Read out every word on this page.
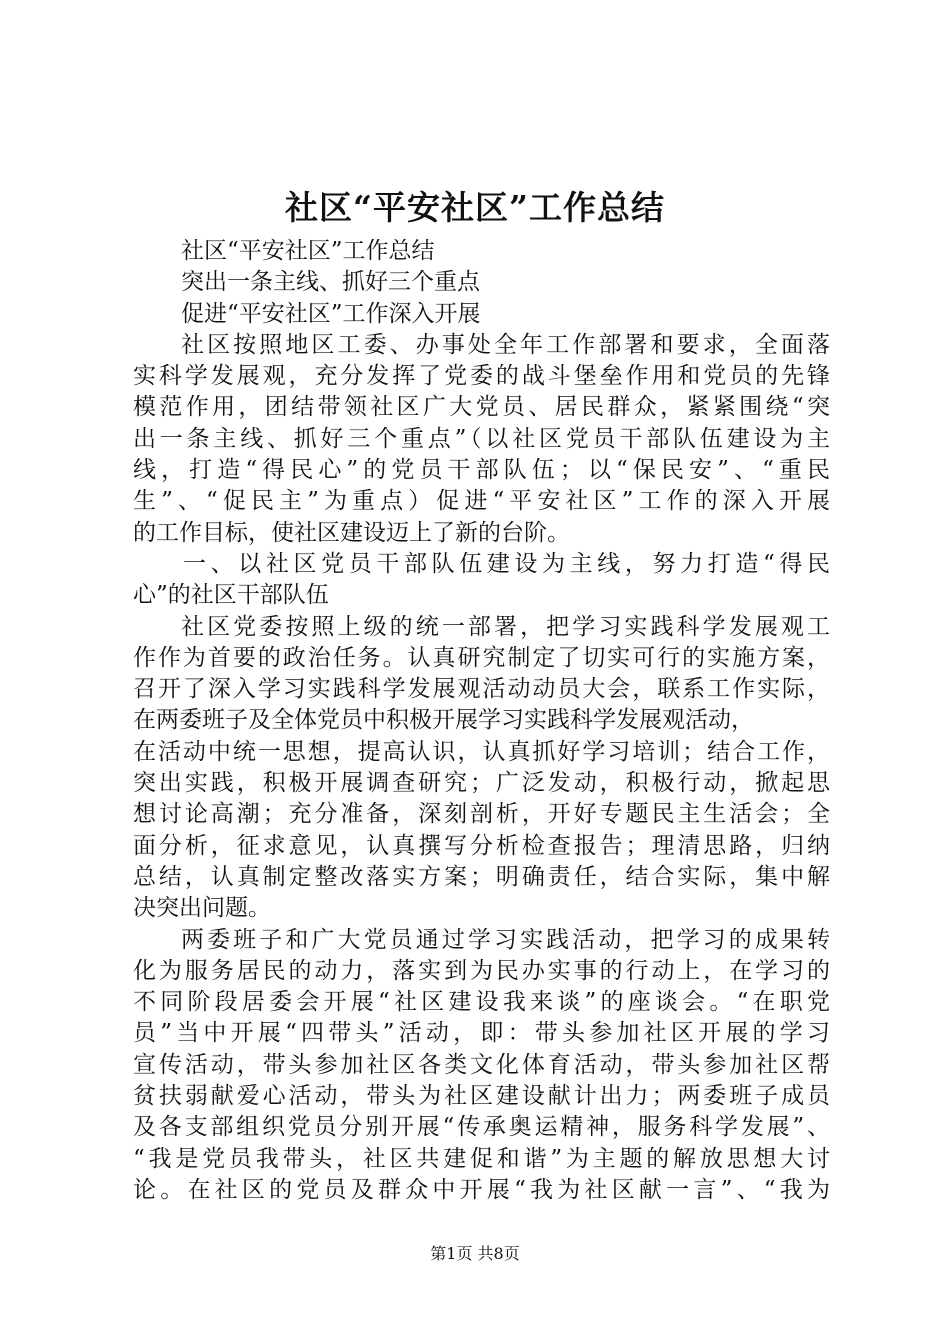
社区“平安社区”工作总结
社区“平安社区”工作总结
突出一条主线、抓好三个重点
促进“平安社区”工作深入开展
社区按照地区工委、办事处全年工作部署和要求，全面落
实科学发展观，充分发挥了党委的战斗堡垒作用和党员的先锋
模范作用，团结带领社区广大党员、居民群众，紧紧围绕“突
出一条主线、抓好三个重点”（以社区党员干部队伍建设为主
线，打造“得民心”的党员干部队伍；以“保民安”、“重民
生”、“促民主”为重点）促进“平安社区”工作的深入开展
的工作目标，使社区建设迈上了新的台阶。
一、以社区党员干部队伍建设为主线，努力打造“得民
心”的社区干部队伍
社区党委按照上级的统一部署，把学习实践科学发展观工
作作为首要的政治任务。认真研究制定了切实可行的实施方案，
召开了深入学习实践科学发展观活动动员大会，联系工作实际，
在两委班子及全体党员中积极开展学习实践科学发展观活动，
在活动中统一思想，提高认识，认真抓好学习培训；结合工作，
突出实践，积极开展调查研究；广泛发动，积极行动，掀起思
想讨论高潮；充分准备，深刻剖析，开好专题民主生活会；全
面分析，征求意见，认真撰写分析检查报告；理清思路，归纳
总结，认真制定整改落实方案；明确责任，结合实际，集中解
决突出问题。
两委班子和广大党员通过学习实践活动，把学习的成果转
化为服务居民的动力，落实到为民办实事的行动上，在学习的
不同阶段居委会开展“社区建设我来谈”的座谈会。“在职党
员”当中开展“四带头”活动，即：带头参加社区开展的学习
宣传活动，带头参加社区各类文化体育活动，带头参加社区帮
贫扶弱献爱心活动，带头为社区建设献计出力；两委班子成员
及各支部组织党员分别开展“传承奥运精神，服务科学发展”、
“我是党员我带头，社区共建促和谐”为主题的解放思想大讨
论。在社区的党员及群众中开展“我为社区献一言”、“我为
第1页 共8页
